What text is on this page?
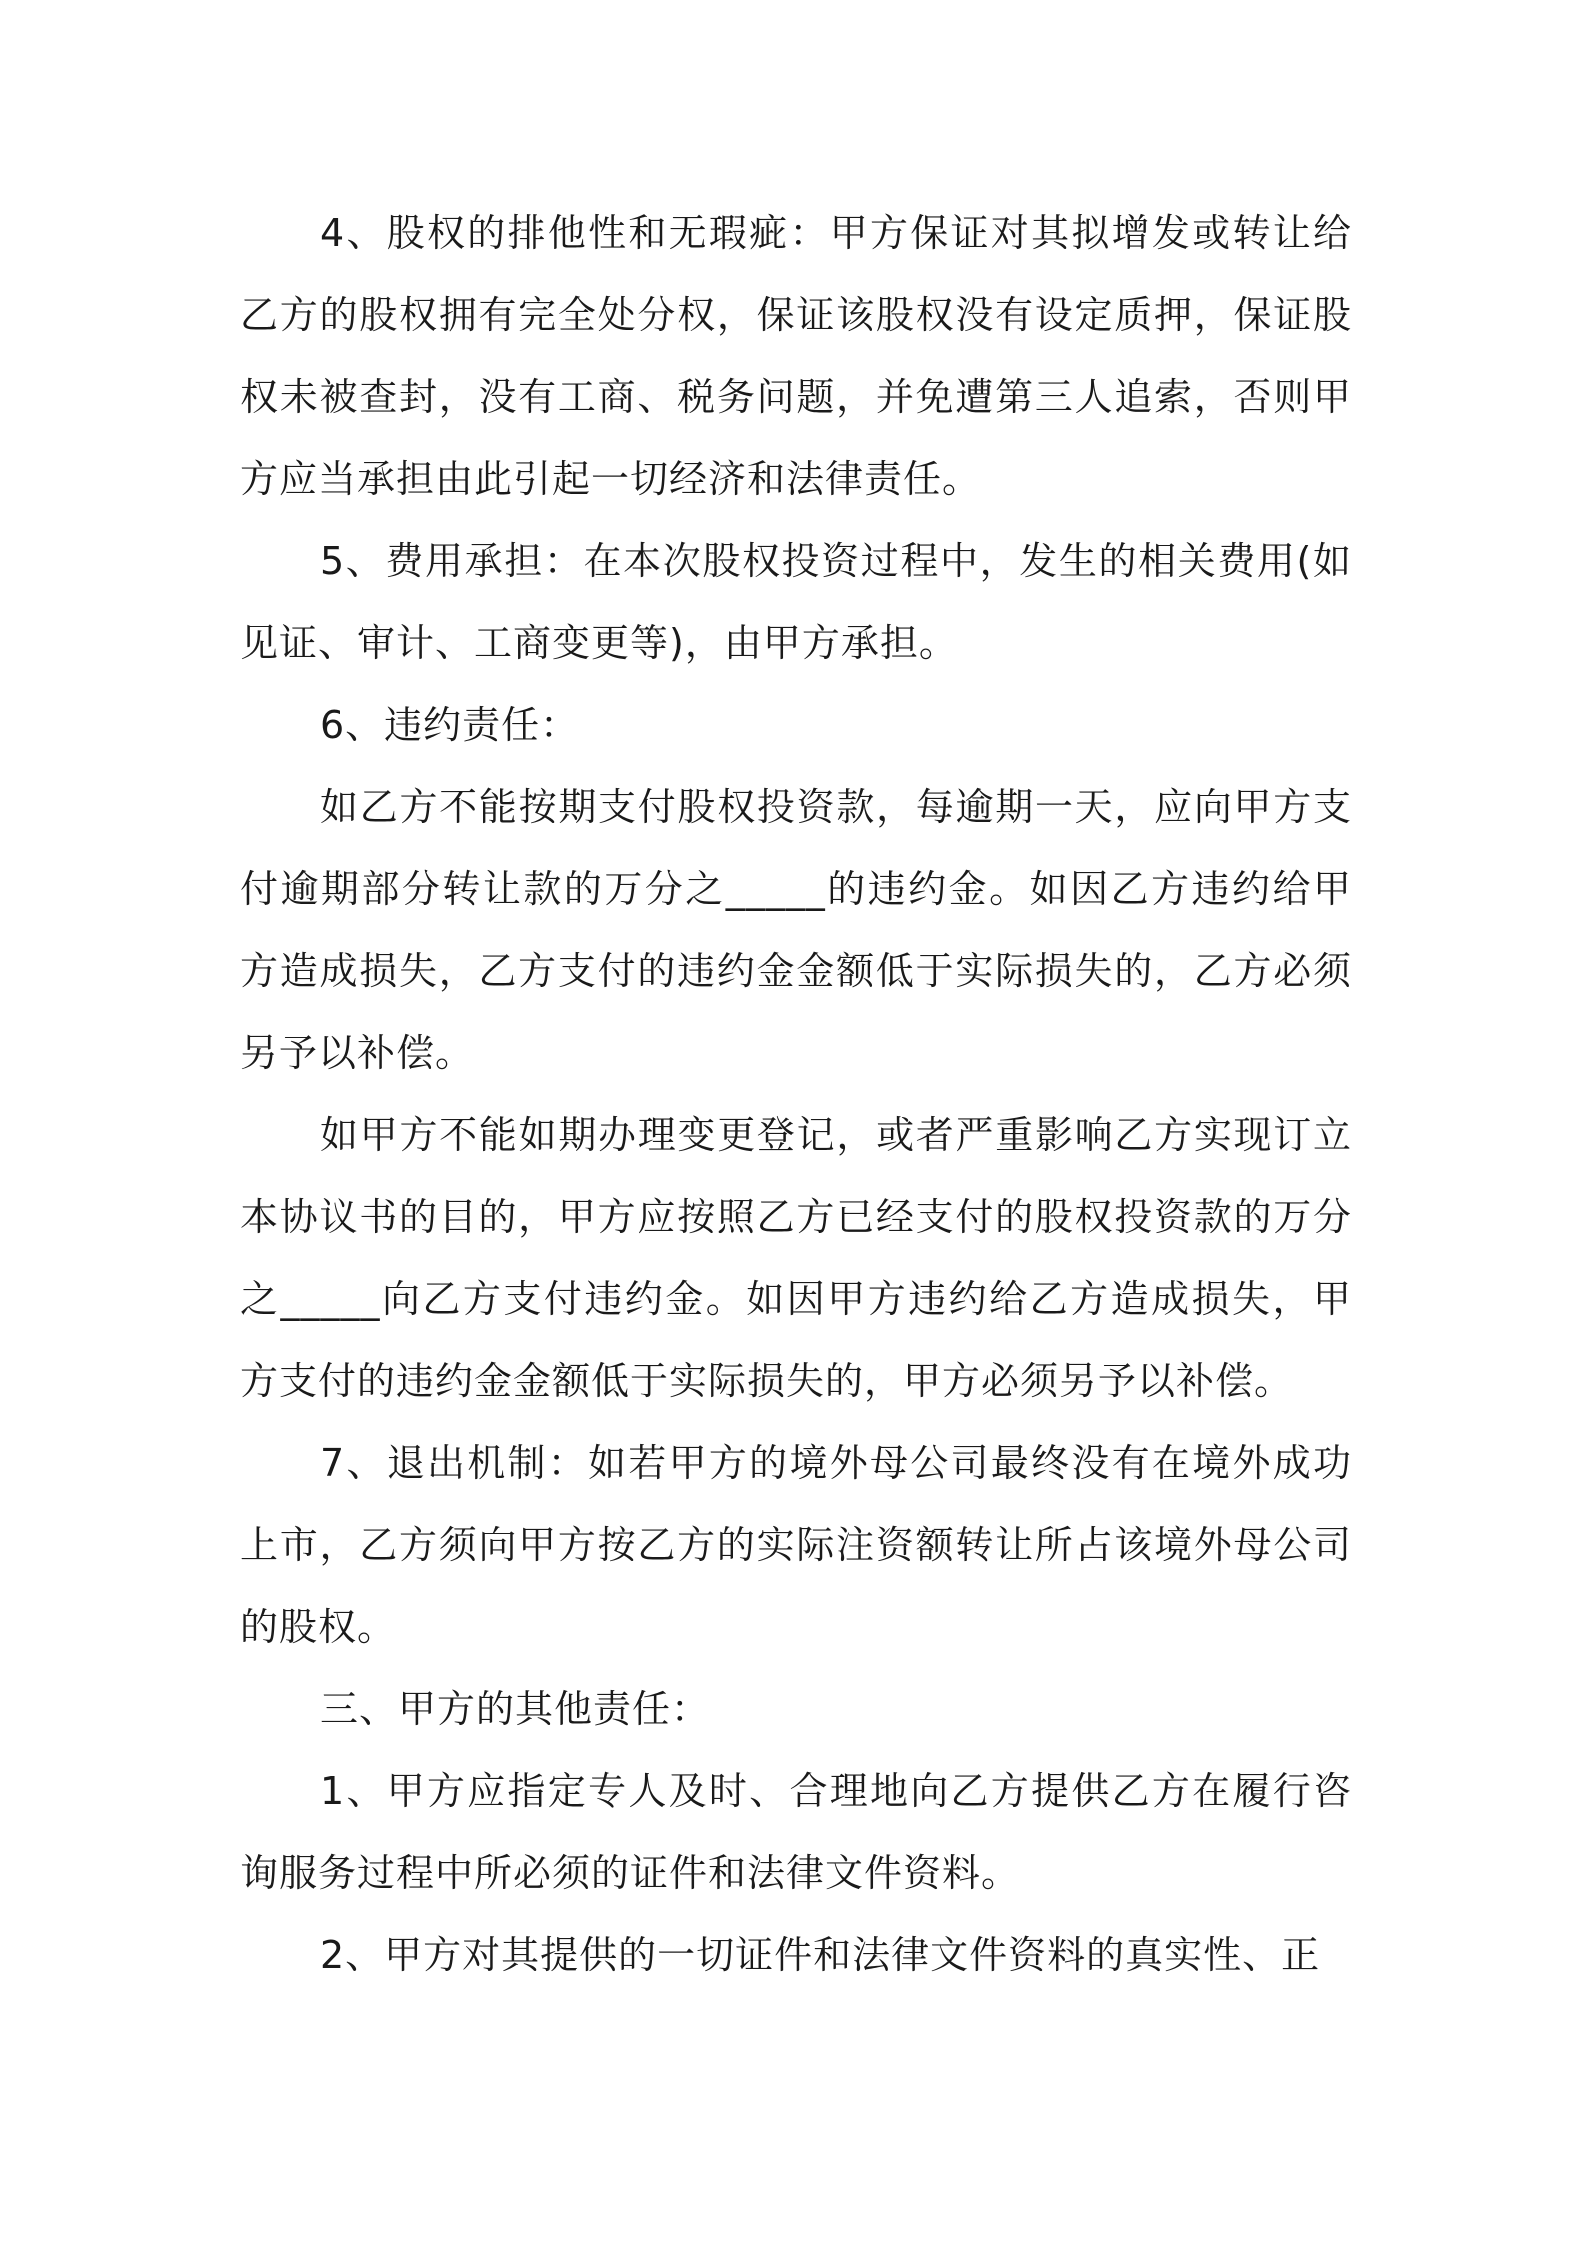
4、股权的排他性和无瑕疵：甲方保证对其拟增发或转让给乙方的股权拥有完全处分权，保证该股权没有设定质押，保证股权未被查封，没有工商、税务问题，并免遭第三人追索，否则甲方应当承担由此引起一切经济和法律责任。

5、费用承担：在本次股权投资过程中，发生的相关费用(如见证、审计、工商变更等)，由甲方承担。

6、违约责任：

如乙方不能按期支付股权投资款，每逾期一天，应向甲方支付逾期部分转让款的万分之_____的违约金。如因乙方违约给甲方造成损失，乙方支付的违约金金额低于实际损失的，乙方必须另予以补偿。

如甲方不能如期办理变更登记，或者严重影响乙方实现订立本协议书的目的，甲方应按照乙方已经支付的股权投资款的万分之_____向乙方支付违约金。如因甲方违约给乙方造成损失，甲方支付的违约金金额低于实际损失的，甲方必须另予以补偿。

7、退出机制：如若甲方的境外母公司最终没有在境外成功上市，乙方须向甲方按乙方的实际注资额转让所占该境外母公司的股权。

三、甲方的其他责任：

1、甲方应指定专人及时、合理地向乙方提供乙方在履行咨询服务过程中所必须的证件和法律文件资料。

2、甲方对其提供的一切证件和法律文件资料的真实性、正
